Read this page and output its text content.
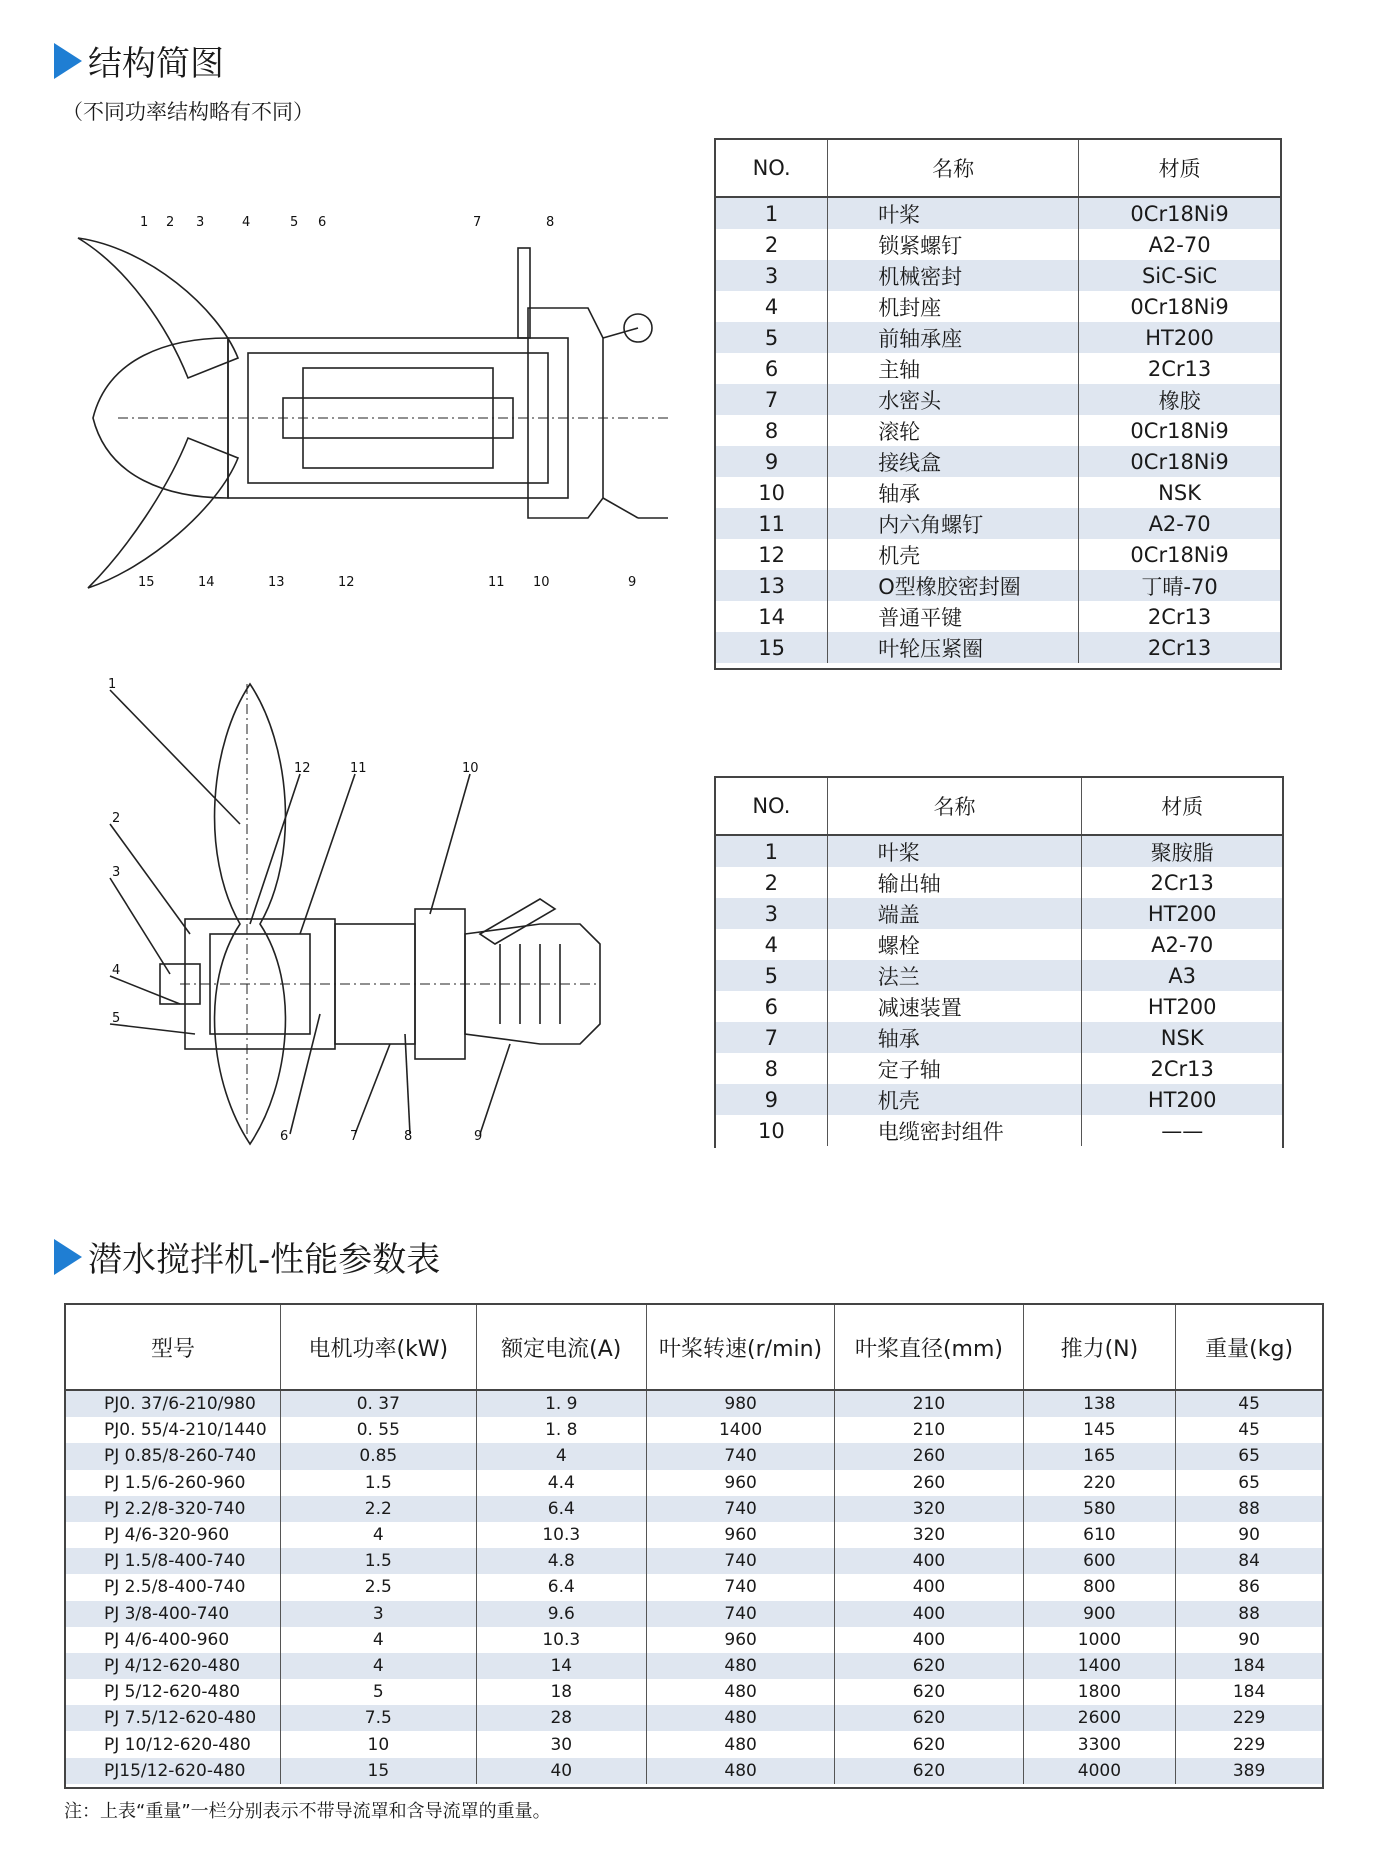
结构简图
（不同功率结构略有不同）
1 2 3	4	5 6	7	8
15	14	13	12	11 10	9
NO.	名称	材质
1	叶桨	0Cr18Ni9
2	锁紧螺钉	A2-70
3	机械密封	SiC-SiC
4	机封座	0Cr18Ni9
5	前轴承座	HT200
6	主轴	2Cr13
7	水密头	橡胶
8	滚轮	0Cr18Ni9
9	接线盒	0Cr18Ni9
10	轴承	NSK
11	内六角螺钉	A2-70
12	机壳	0Cr18Ni9
13	O型橡胶密封圈	丁晴-70
14	普通平键	2Cr13
15	叶轮压紧圈	2Cr13
1
2
3
4
5
12	11	10
6	7	8	9
NO.	名称	材质
1	叶桨	聚胺脂
2	输出轴	2Cr13
3	端盖	HT200
4	螺栓	A2-70
5	法兰	A3
6	减速装置	HT200
7	轴承	NSK
8	定子轴	2Cr13
9	机壳	HT200
10	电缆密封组件	——
潜水搅拌机-性能参数表
型号	电机功率(kW)	额定电流(A)	叶桨转速(r/min)	叶桨直径(mm)	推力(N)	重量(kg)
PJ0. 37/6-210/980	0. 37	1. 9	980	210	138	45
PJ0. 55/4-210/1440	0. 55	1. 8	1400	210	145	45
PJ 0.85/8-260-740	0.85	4	740	260	165	65
PJ 1.5/6-260-960	1.5	4.4	960	260	220	65
PJ 2.2/8-320-740	2.2	6.4	740	320	580	88
PJ 4/6-320-960	4	10.3	960	320	610	90
PJ 1.5/8-400-740	1.5	4.8	740	400	600	84
PJ 2.5/8-400-740	2.5	6.4	740	400	800	86
PJ 3/8-400-740	3	9.6	740	400	900	88
PJ 4/6-400-960	4	10.3	960	400	1000	90
PJ 4/12-620-480	4	14	480	620	1400	184
PJ 5/12-620-480	5	18	480	620	1800	184
PJ 7.5/12-620-480	7.5	28	480	620	2600	229
PJ 10/12-620-480	10	30	480	620	3300	229
PJ15/12-620-480	15	40	480	620	4000	389
注：上表“重量”一栏分别表示不带导流罩和含导流罩的重量。
